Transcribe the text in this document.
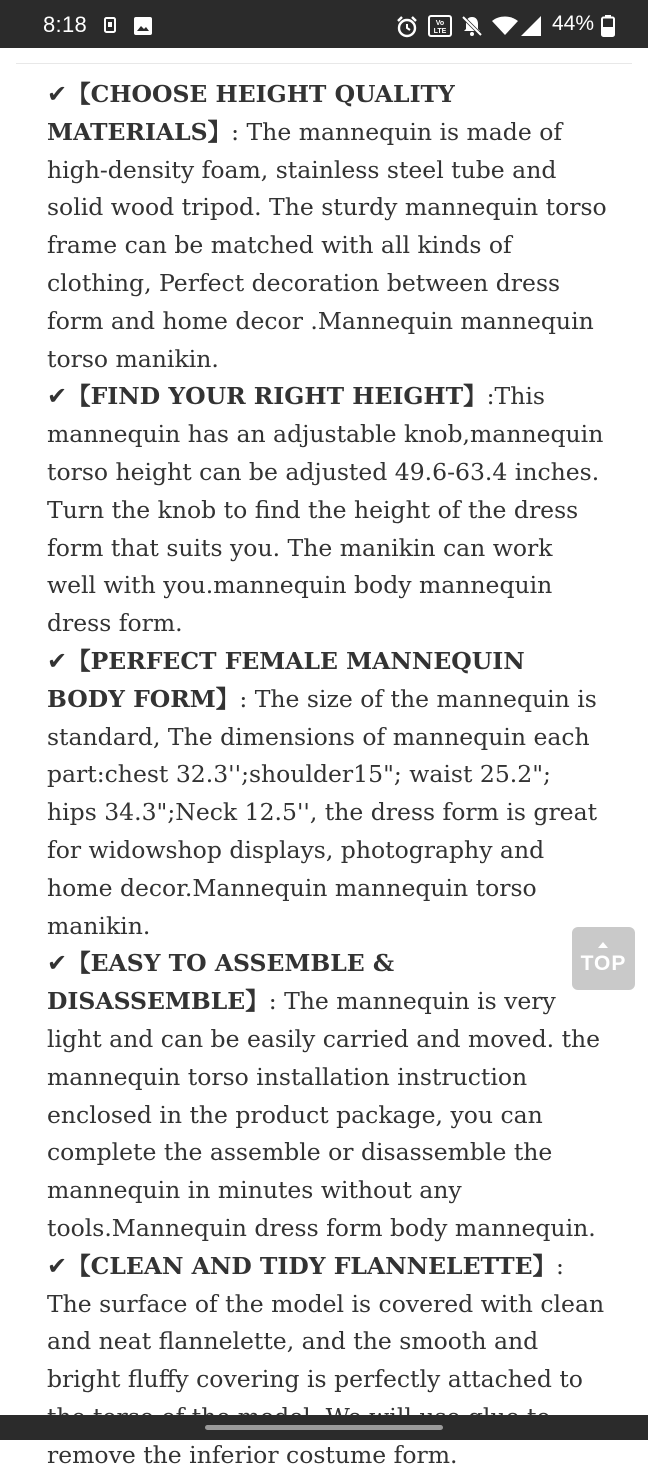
8:18	Vo
LTE	44%

✔【CHOOSE HEIGHT QUALITY MATERIALS】: The mannequin is made of high-density foam, stainless steel tube and solid wood tripod. The sturdy mannequin torso frame can be matched with all kinds of clothing, Perfect decoration between dress form and home decor .Mannequin mannequin torso manikin.

✔【FIND YOUR RIGHT HEIGHT】:This mannequin has an adjustable knob,mannequin torso height can be adjusted 49.6-63.4 inches. Turn the knob to find the height of the dress form that suits you. The manikin can work well with you.mannequin body mannequin dress form.

✔【PERFECT FEMALE MANNEQUIN BODY FORM】: The size of the mannequin is standard, The dimensions of mannequin each part:chest 32.3'';shoulder15"; waist 25.2"; hips 34.3";Neck 12.5'', the dress form is great for widowshop displays, photography and home decor.Mannequin mannequin torso manikin.

✔【EASY TO ASSEMBLE & DISASSEMBLE】: The mannequin is very light and can be easily carried and moved. the mannequin torso installation instruction enclosed in the product package, you can complete the assemble or disassemble the mannequin in minutes without any tools.Mannequin dress form body mannequin.

✔【CLEAN AND TIDY FLANNELETTE】: The surface of the model is covered with clean and neat flannelette, and the smooth and bright fluffy covering is perfectly attached to remove the inferior costume form.

TOP
